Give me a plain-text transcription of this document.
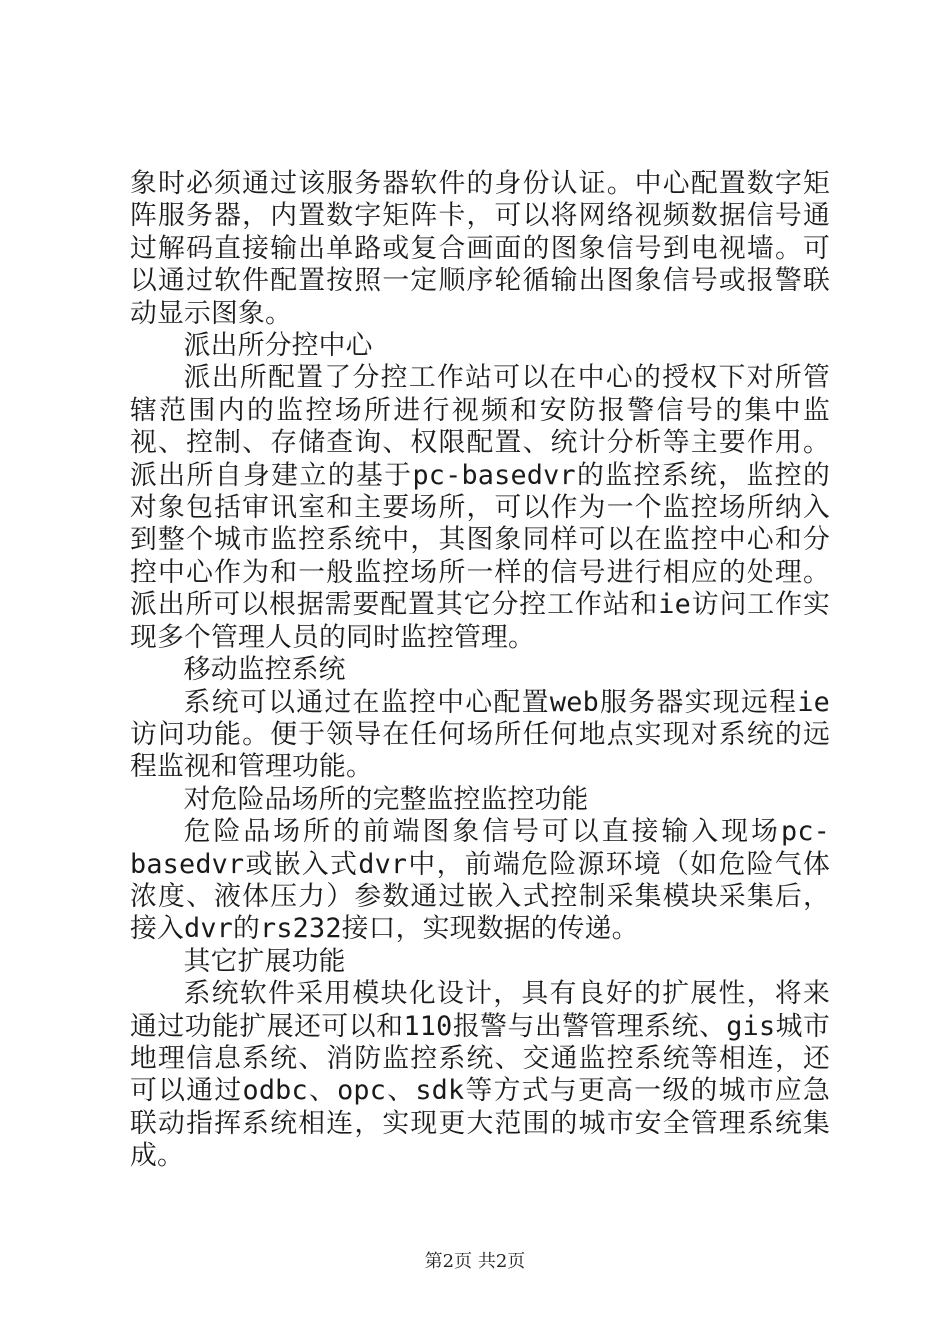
象时必须通过该服务器软件的身份认证。中心配置数字矩阵服务器，内置数字矩阵卡，可以将网络视频数据信号通过解码直接输出单路或复合画面的图象信号到电视墙。可以通过软件配置按照一定顺序轮循输出图象信号或报警联动显示图象。

派出所分控中心

派出所配置了分控工作站可以在中心的授权下对所管辖范围内的监控场所进行视频和安防报警信号的集中监视、控制、存储查询、权限配置、统计分析等主要作用。派出所自身建立的基于pc-basedvr的监控系统，监控的对象包括审讯室和主要场所，可以作为一个监控场所纳入到整个城市监控系统中，其图象同样可以在监控中心和分控中心作为和一般监控场所一样的信号进行相应的处理。派出所可以根据需要配置其它分控工作站和ie访问工作实现多个管理人员的同时监控管理。

移动监控系统

系统可以通过在监控中心配置web服务器实现远程ie访问功能。便于领导在任何场所任何地点实现对系统的远程监视和管理功能。

对危险品场所的完整监控监控功能

危险品场所的前端图象信号可以直接输入现场pc-basedvr或嵌入式dvr中，前端危险源环境（如危险气体浓度、液体压力）参数通过嵌入式控制采集模块采集后，接入dvr的rs232接口，实现数据的传递。

其它扩展功能

系统软件采用模块化设计，具有良好的扩展性，将来通过功能扩展还可以和110报警与出警管理系统、gis城市地理信息系统、消防监控系统、交通监控系统等相连，还可以通过odbc、opc、sdk等方式与更高一级的城市应急联动指挥系统相连，实现更大范围的城市安全管理系统集成。

第2页 共2页
